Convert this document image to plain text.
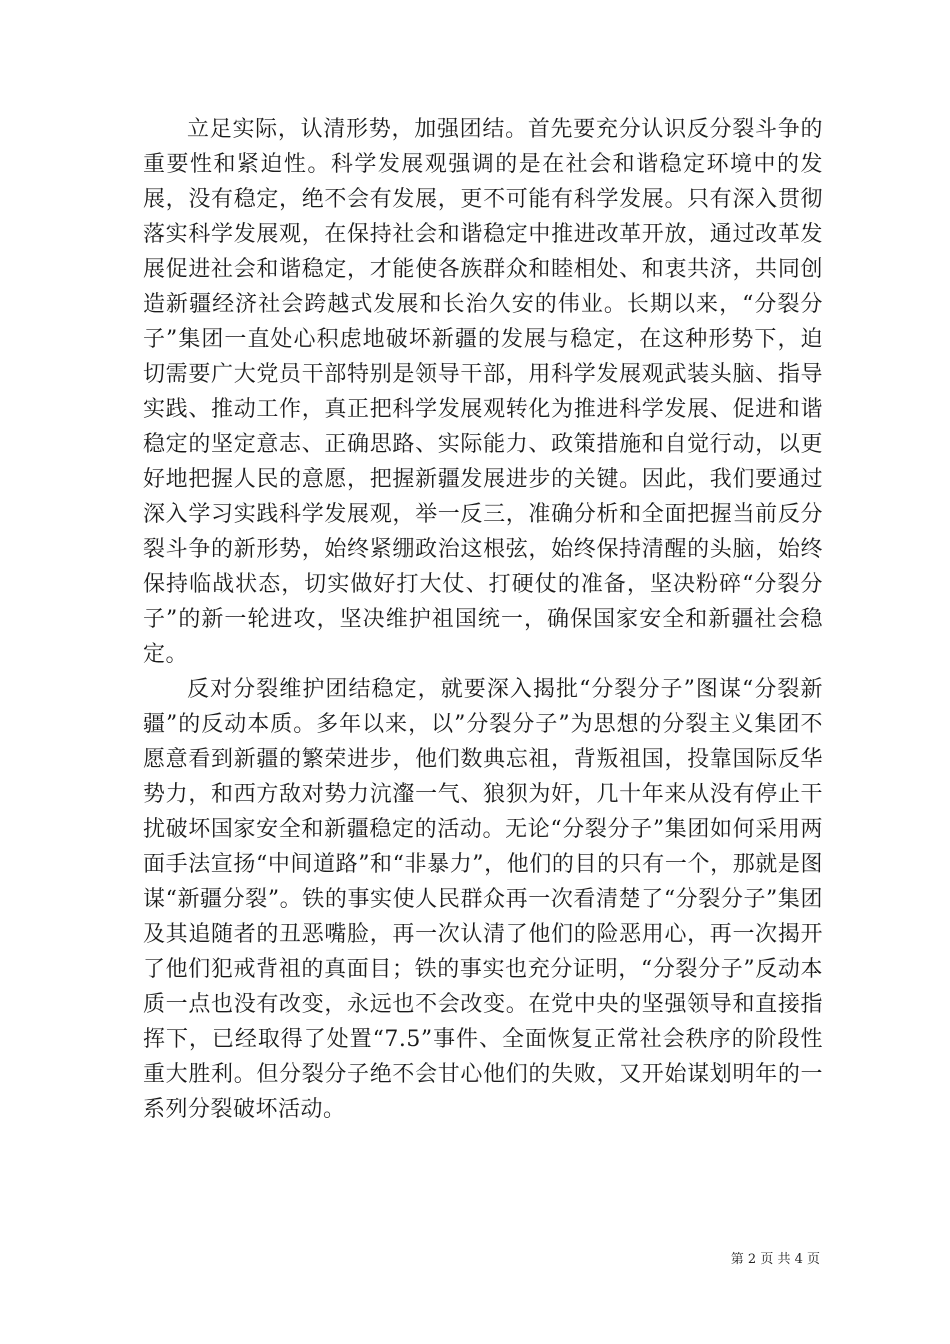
立足实际，认清形势，加强团结。首先要充分认识反分裂斗争的重要性和紧迫性。科学发展观强调的是在社会和谐稳定环境中的发展，没有稳定，绝不会有发展，更不可能有科学发展。只有深入贯彻落实科学发展观，在保持社会和谐稳定中推进改革开放，通过改革发展促进社会和谐稳定，才能使各族群众和睦相处、和衷共济，共同创造新疆经济社会跨越式发展和长治久安的伟业。长期以来，“分裂分子”集团一直处心积虑地破坏新疆的发展与稳定，在这种形势下，迫切需要广大党员干部特别是领导干部，用科学发展观武装头脑、指导实践、推动工作，真正把科学发展观转化为推进科学发展、促进和谐稳定的坚定意志、正确思路、实际能力、政策措施和自觉行动，以更好地把握人民的意愿，把握新疆发展进步的关键。因此，我们要通过深入学习实践科学发展观，举一反三，准确分析和全面把握当前反分裂斗争的新形势，始终紧绷政治这根弦，始终保持清醒的头脑，始终保持临战状态，切实做好打大仗、打硬仗的准备，坚决粉碎“分裂分子”的新一轮进攻，坚决维护祖国统一，确保国家安全和新疆社会稳定。

反对分裂维护团结稳定，就要深入揭批“分裂分子”图谋“分裂新疆”的反动本质。多年以来，以”分裂分子”为思想的分裂主义集团不愿意看到新疆的繁荣进步，他们数典忘祖，背叛祖国，投靠国际反华势力，和西方敌对势力沆瀣一气、狼狈为奸，几十年来从没有停止干扰破坏国家安全和新疆稳定的活动。无论“分裂分子”集团如何采用两面手法宣扬“中间道路”和“非暴力”，他们的目的只有一个，那就是图谋“新疆分裂”。铁的事实使人民群众再一次看清楚了“分裂分子”集团及其追随者的丑恶嘴脸，再一次认清了他们的险恶用心，再一次揭开了他们犯戒背祖的真面目；铁的事实也充分证明，“分裂分子”反动本质一点也没有改变，永远也不会改变。在党中央的坚强领导和直接指挥下，已经取得了处置“7.5”事件、全面恢复正常社会秩序的阶段性重大胜利。但分裂分子绝不会甘心他们的失败，又开始谋划明年的一系列分裂破坏活动。

第 2 页 共 4 页
